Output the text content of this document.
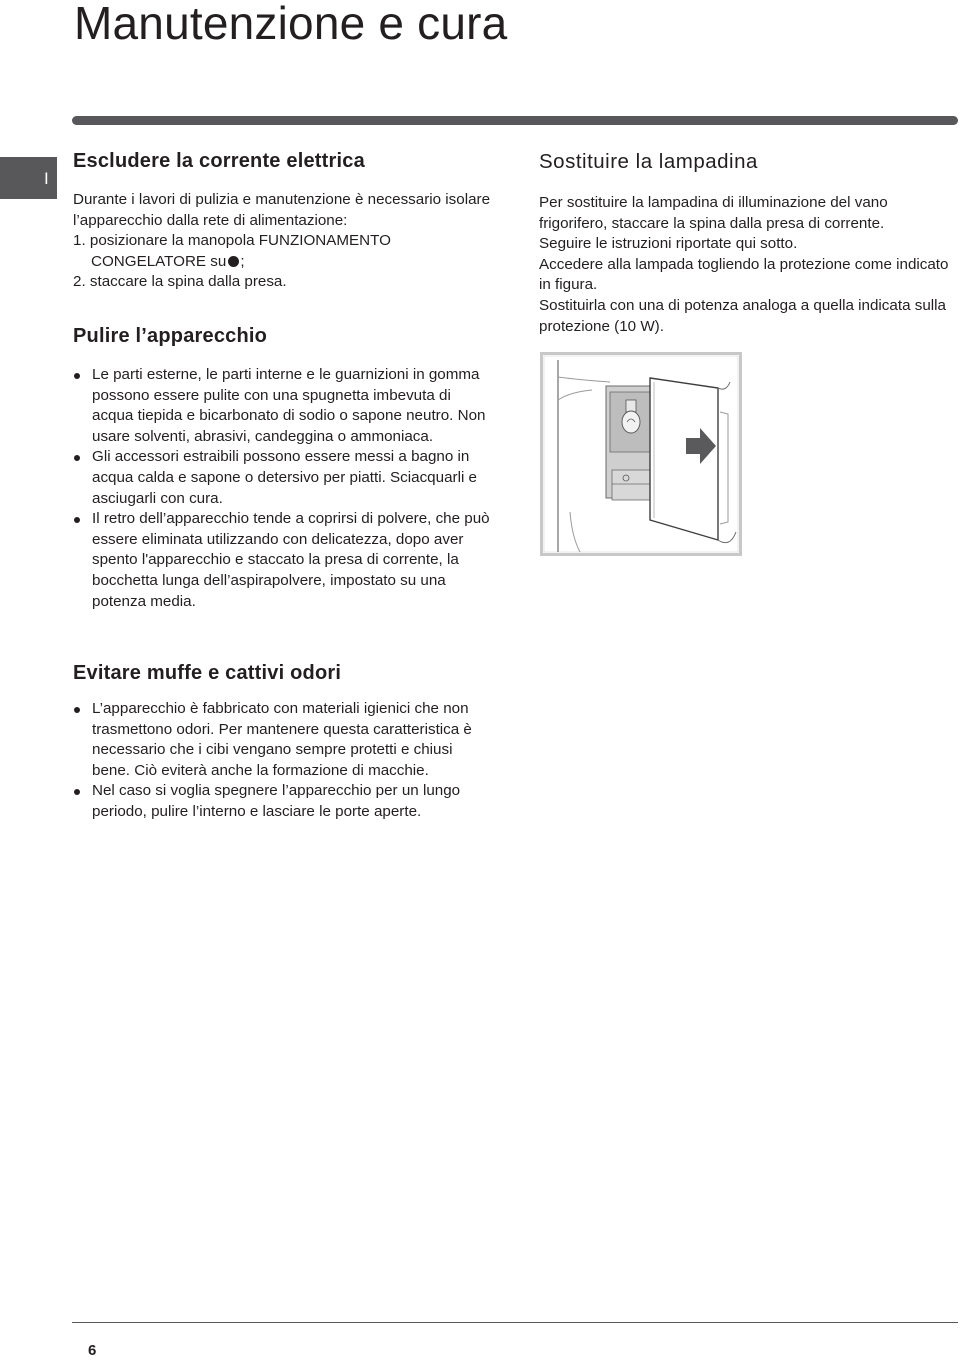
Manutenzione e cura
I
Escludere la corrente elettrica

Durante i lavori di pulizia e manutenzione è necessario isolare l’apparecchio dalla rete di alimentazione:

1. posizionare la manopola FUNZIONAMENTO CONGELATORE su ;
2. staccare la spina dalla presa.
Pulire l’apparecchio
Le parti esterne, le parti interne e le guarnizioni in gomma possono essere pulite con una spugnetta imbevuta di acqua tiepida e bicarbonato di sodio o sapone neutro. Non usare solventi, abrasivi, candeggina o ammoniaca.
Gli accessori estraibili possono essere messi a bagno in acqua calda e sapone o detersivo per piatti. Sciacquarli e asciugarli con cura.
Il retro dell’apparecchio tende a coprirsi di polvere, che può essere eliminata utilizzando con delicatezza, dopo aver spento l'apparecchio e staccato la presa di corrente, la bocchetta lunga dell’aspirapolvere, impostato su una potenza media.
Evitare muffe e cattivi odori
L’apparecchio è fabbricato con materiali igienici che non trasmettono odori. Per mantenere questa caratteristica è necessario che i cibi vengano sempre protetti e chiusi bene. Ciò eviterà anche la formazione di macchie.
Nel caso si voglia spegnere l’apparecchio per un lungo periodo, pulire l’interno e lasciare le porte aperte.
Sostituire la lampadina

Per sostituire la lampadina di illuminazione del vano frigorifero, staccare la spina dalla presa di corrente.

Seguire le istruzioni riportate qui sotto.

Accedere alla lampada togliendo la protezione come indicato in figura.

Sostituirla con una di potenza analoga a quella indicata sulla protezione (10 W).

6
